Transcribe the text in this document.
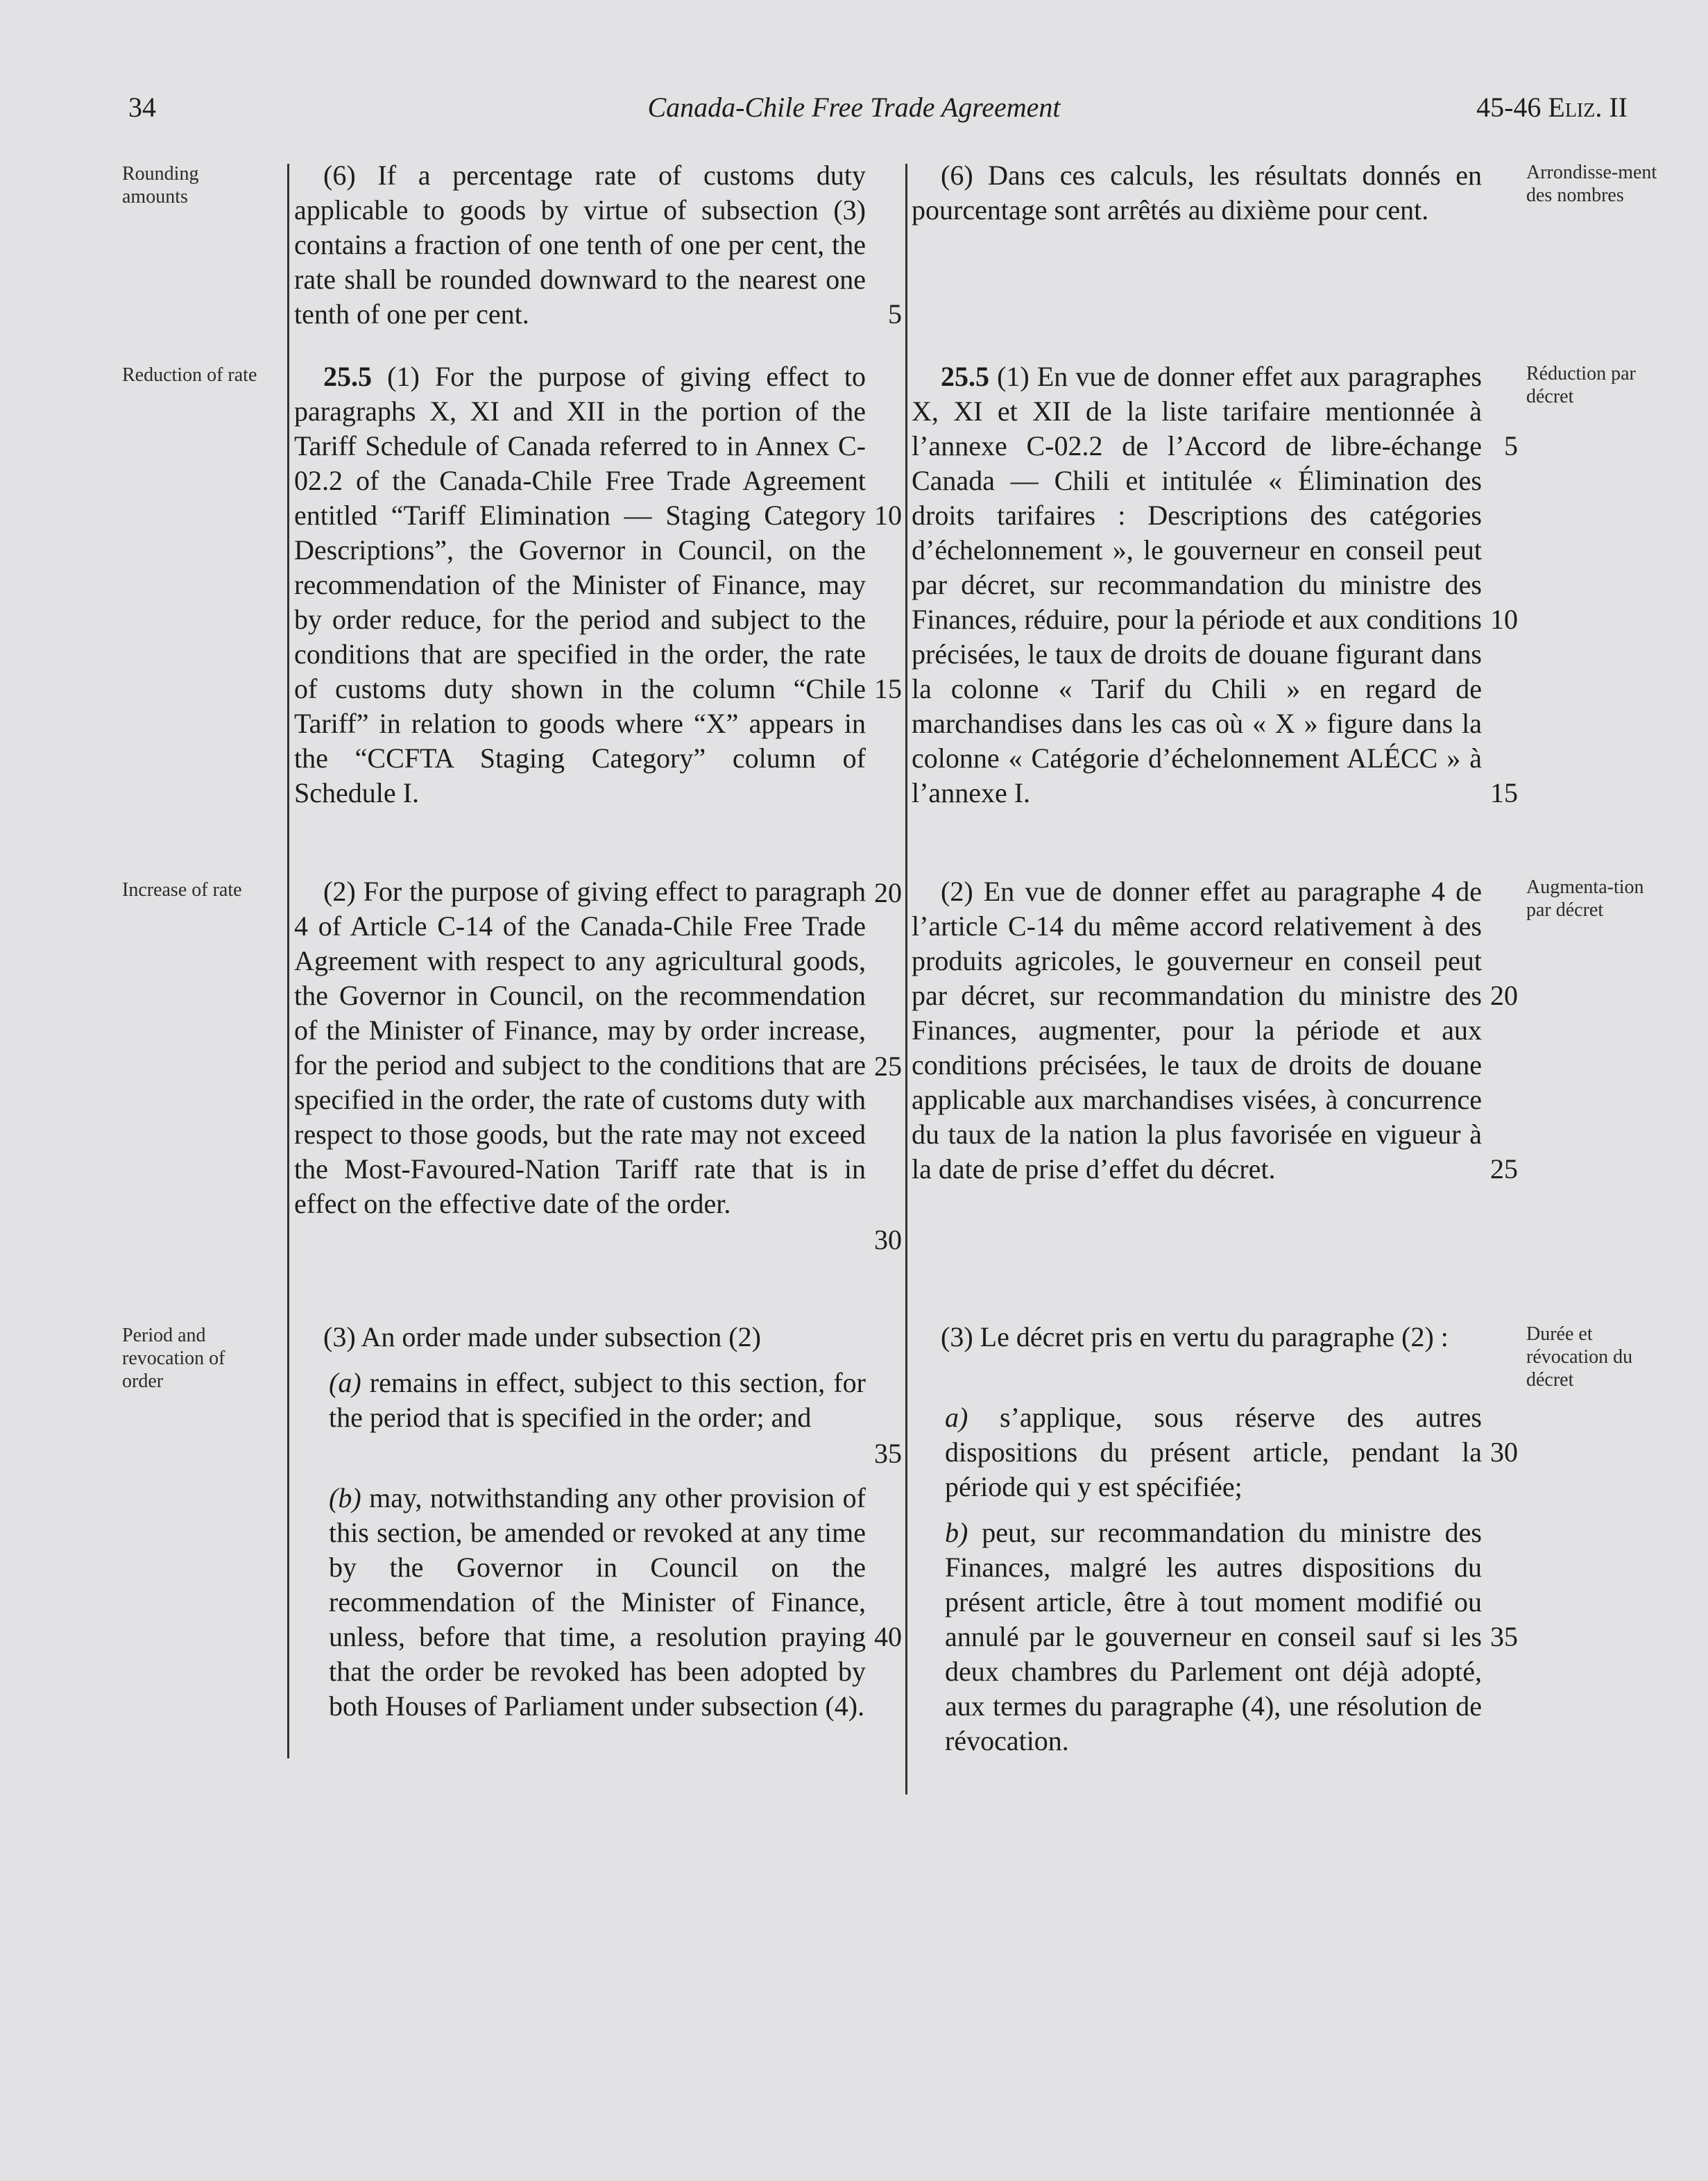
34	Canada-Chile Free Trade Agreement	45-46 Eliz. II
Rounding amounts
Arrondisse-ment des nombres
Reduction of rate	Réduction par décret
Increase of rate	Augmenta-tion par décret
Period and revocation of order
Durée et révocation du décret

(6) If a percentage rate of customs duty applicable to goods by virtue of subsection (3) contains a fraction of one tenth of one per cent, the rate shall be rounded downward to the nearest one tenth of one per cent.

25.5 (1) For the purpose of giving effect to paragraphs X, XI and XII in the portion of the Tariff Schedule of Canada referred to in Annex C-02.2 of the Canada-Chile Free Trade Agreement entitled “Tariff Elimination — Staging Category Descriptions”, the Governor in Council, on the recommendation of the Minister of Finance, may by order reduce, for the period and subject to the conditions that are specified in the order, the rate of customs duty shown in the column “Chile Tariff” in relation to goods where “X” appears in the “CCFTA Staging Category” column of Schedule I.

(2) For the purpose of giving effect to paragraph 4 of Article C-14 of the Canada-Chile Free Trade Agreement with respect to any agricultural goods, the Governor in Council, on the recommendation of the Minister of Finance, may by order increase, for the period and subject to the conditions that are specified in the order, the rate of customs duty with respect to those goods, but the rate may not exceed the Most-Favoured-Nation Tariff rate that is in effect on the effective date of the order.

(3) An order made under subsection (2)

(a) remains in effect, subject to this section, for the period that is specified in the order; and

(b) may, notwithstanding any other provision of this section, be amended or revoked at any time by the Governor in Council on the recommendation of the Minister of Finance, unless, before that time, a resolution praying that the order be revoked has been adopted by both Houses of Parliament under subsection (4).

5
10
15
20
25
30
35
40

(6) Dans ces calculs, les résultats donnés en pourcentage sont arrêtés au dixième pour cent.

25.5 (1) En vue de donner effet aux paragraphes X, XI et XII de la liste tarifaire mentionnée à l’annexe C-02.2 de l’Accord de libre-échange Canada — Chili et intitulée « Élimination des droits tarifaires : Descriptions des catégories d’échelonnement », le gouverneur en conseil peut par décret, sur recommandation du ministre des Finances, réduire, pour la période et aux conditions précisées, le taux de droits de douane figurant dans la colonne « Tarif du Chili » en regard de marchandises dans les cas où « X » figure dans la colonne « Catégorie d’échelonnement ALÉCC » à l’annexe I.

(2) En vue de donner effet au paragraphe 4 de l’article C-14 du même accord relativement à des produits agricoles, le gouverneur en conseil peut par décret, sur recommandation du ministre des Finances, augmenter, pour la période et aux conditions précisées, le taux de droits de douane applicable aux marchandises visées, à concurrence du taux de la nation la plus favorisée en vigueur à la date de prise d’effet du décret.

(3) Le décret pris en vertu du paragraphe (2) :

a) s’applique, sous réserve des autres dispositions du présent article, pendant la période qui y est spécifiée;

b) peut, sur recommandation du ministre des Finances, malgré les autres dispositions du présent article, être à tout moment modifié ou annulé par le gouverneur en conseil sauf si les deux chambres du Parlement ont déjà adopté, aux termes du paragraphe (4), une résolution de révocation.

5
10
15
20
25
30
35
